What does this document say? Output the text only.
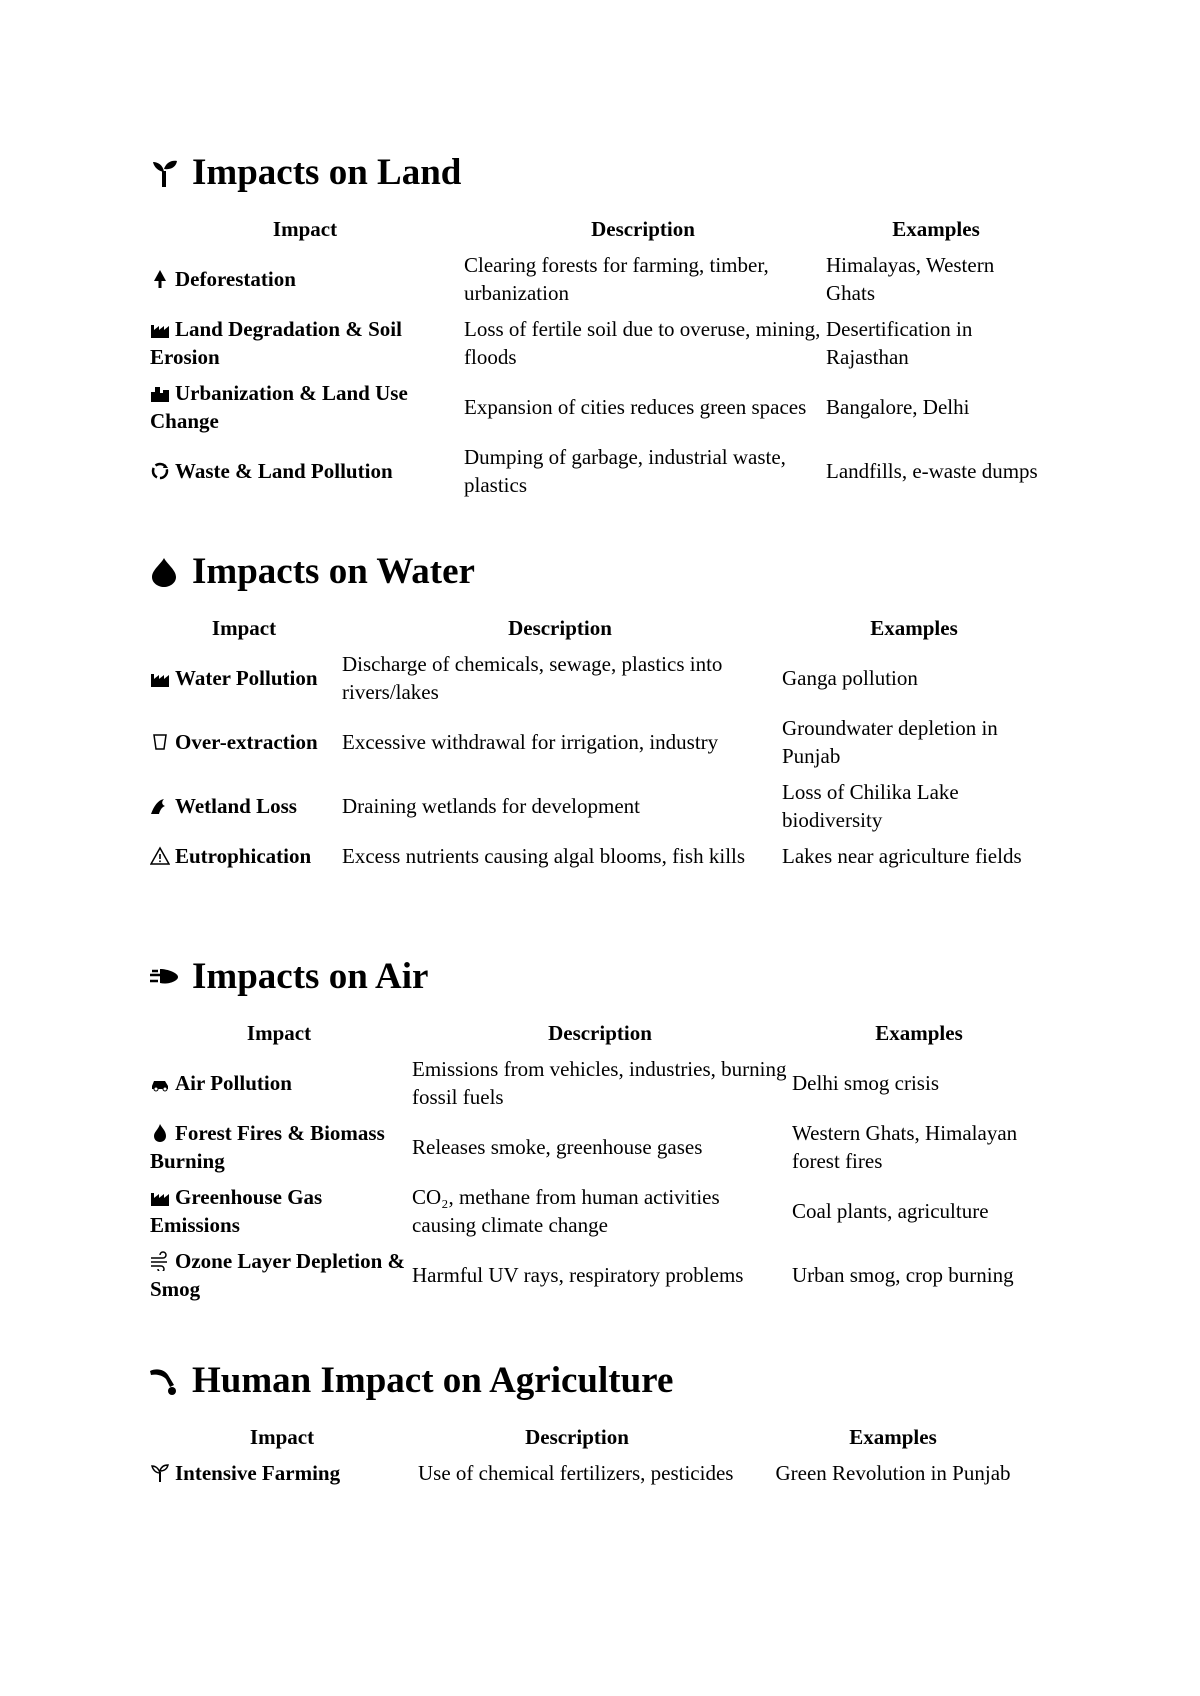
Impacts on Land
Impact	Description	Examples
Deforestation	Clearing forests for farming, timber, urbanization	Himalayas, Western Ghats
Land Degradation & Soil Erosion	Loss of fertile soil due to overuse, mining, floods	Desertification in Rajasthan
Urbanization & Land Use Change	Expansion of cities reduces green spaces	Bangalore, Delhi
Waste & Land Pollution	Dumping of garbage, industrial waste, plastics	Landfills, e-waste dumps
Impacts on Water
Impact	Description	Examples
Water Pollution	Discharge of chemicals, sewage, plastics into rivers/lakes	Ganga pollution
Over-extraction	Excessive withdrawal for irrigation, industry	Groundwater depletion in Punjab
Wetland Loss	Draining wetlands for development	Loss of Chilika Lake biodiversity
Eutrophication	Excess nutrients causing algal blooms, fish kills	Lakes near agriculture fields
Impacts on Air
Impact	Description	Examples
Air Pollution	Emissions from vehicles, industries, burning fossil fuels	Delhi smog crisis
Forest Fires & Biomass Burning	Releases smoke, greenhouse gases	Western Ghats, Himalayan forest fires
Greenhouse Gas Emissions	CO₂, methane from human activities causing climate change	Coal plants, agriculture
Ozone Layer Depletion & Smog	Harmful UV rays, respiratory problems	Urban smog, crop burning
Human Impact on Agriculture
Impact	Description	Examples
Intensive Farming	Use of chemical fertilizers, pesticides	Green Revolution in Punjab
